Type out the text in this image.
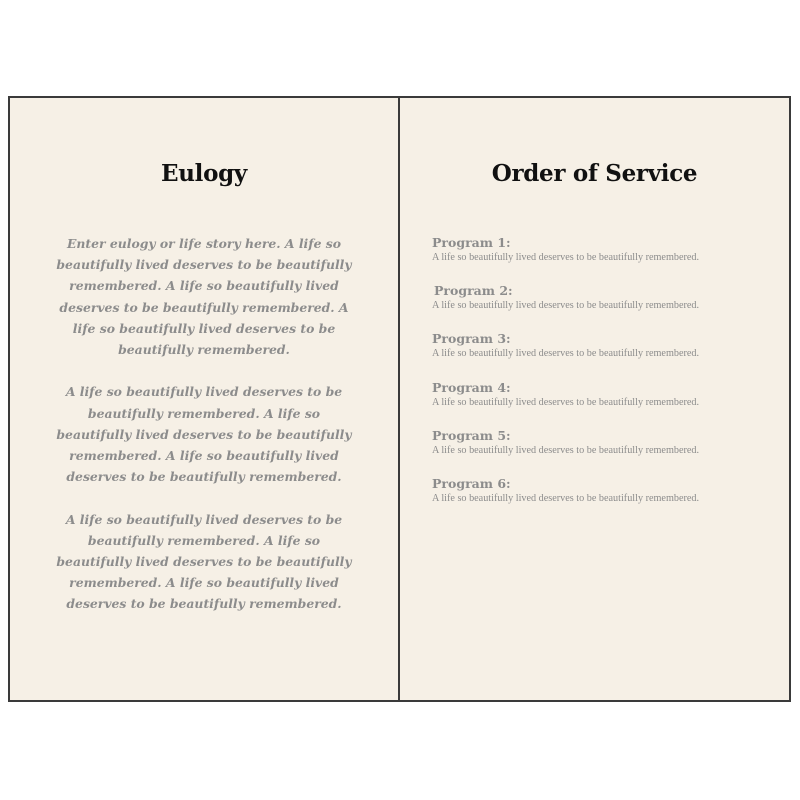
Eulogy

Enter eulogy or life story here. A life so beautifully lived deserves to be beautifully remembered. A life so beautifully lived deserves to be beautifully remembered. A life so beautifully lived deserves to be beautifully remembered.

A life so beautifully lived deserves to be beautifully remembered. A life so beautifully lived deserves to be beautifully remembered. A life so beautifully lived deserves to be beautifully remembered.

A life so beautifully lived deserves to be beautifully remembered. A life so beautifully lived deserves to be beautifully remembered. A life so beautifully lived deserves to be beautifully remembered.

Order of Service
Program 1:
A life so beautifully lived deserves to be beautifully remembered.
Program 2:
A life so beautifully lived deserves to be beautifully remembered.
Program 3:
A life so beautifully lived deserves to be beautifully remembered.
Program 4:
A life so beautifully lived deserves to be beautifully remembered.
Program 5:
A life so beautifully lived deserves to be beautifully remembered.
Program 6:
A life so beautifully lived deserves to be beautifully remembered.
